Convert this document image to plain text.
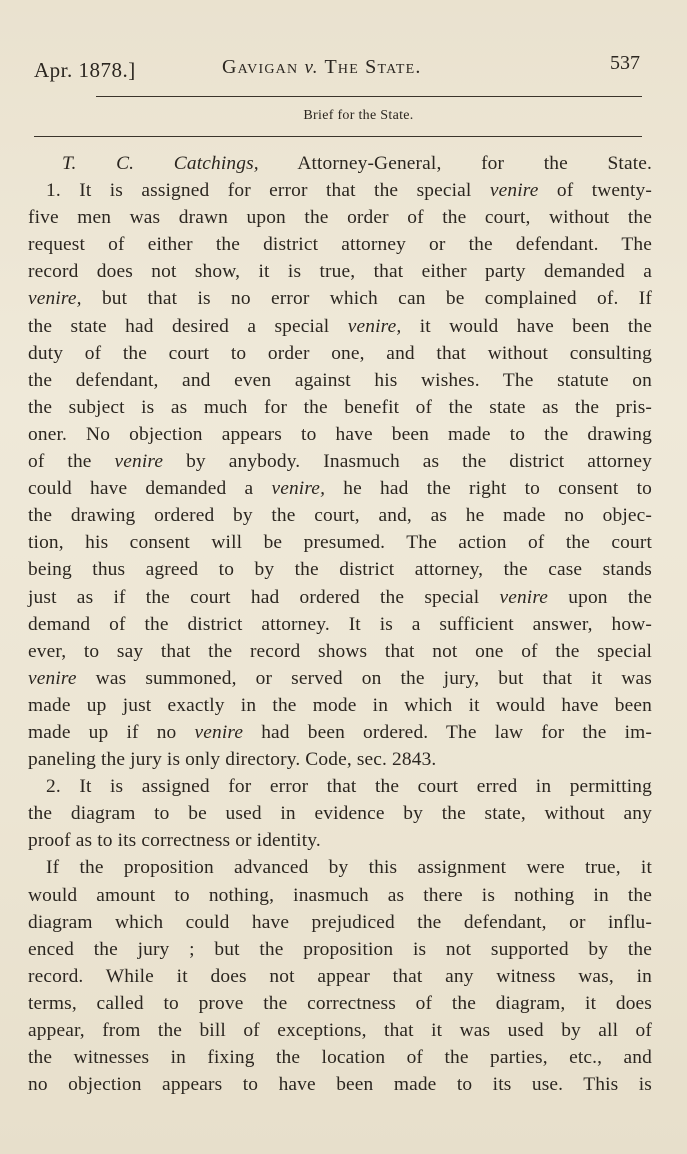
Apr. 1878.]	Gavigan v. The State.	537
Brief for the State.
T. C. Catchings, Attorney-General, for the State.
1. It is assigned for error that the special venire of twenty-
five men was drawn upon the order of the court, without the
request of either the district attorney or the defendant. The
record does not show, it is true, that either party demanded a
venire, but that is no error which can be complained of. If
the state had desired a special venire, it would have been the
duty of the court to order one, and that without consulting
the defendant, and even against his wishes. The statute on
the subject is as much for the benefit of the state as the pris-
oner. No objection appears to have been made to the drawing
of the venire by anybody. Inasmuch as the district attorney
could have demanded a venire, he had the right to consent to
the drawing ordered by the court, and, as he made no objec-
tion, his consent will be presumed. The action of the court
being thus agreed to by the district attorney, the case stands
just as if the court had ordered the special venire upon the
demand of the district attorney. It is a sufficient answer, how-
ever, to say that the record shows that not one of the special
venire was summoned, or served on the jury, but that it was
made up just exactly in the mode in which it would have been
made up if no venire had been ordered. The law for the im-
paneling the jury is only directory. Code, sec. 2843.
2. It is assigned for error that the court erred in permitting
the diagram to be used in evidence by the state, without any
proof as to its correctness or identity.
If the proposition advanced by this assignment were true, it
would amount to nothing, inasmuch as there is nothing in the
diagram which could have prejudiced the defendant, or influ-
enced the jury ; but the proposition is not supported by the
record. While it does not appear that any witness was, in
terms, called to prove the correctness of the diagram, it does
appear, from the bill of exceptions, that it was used by all of
the witnesses in fixing the location of the parties, etc., and
no objection appears to have been made to its use. This is
